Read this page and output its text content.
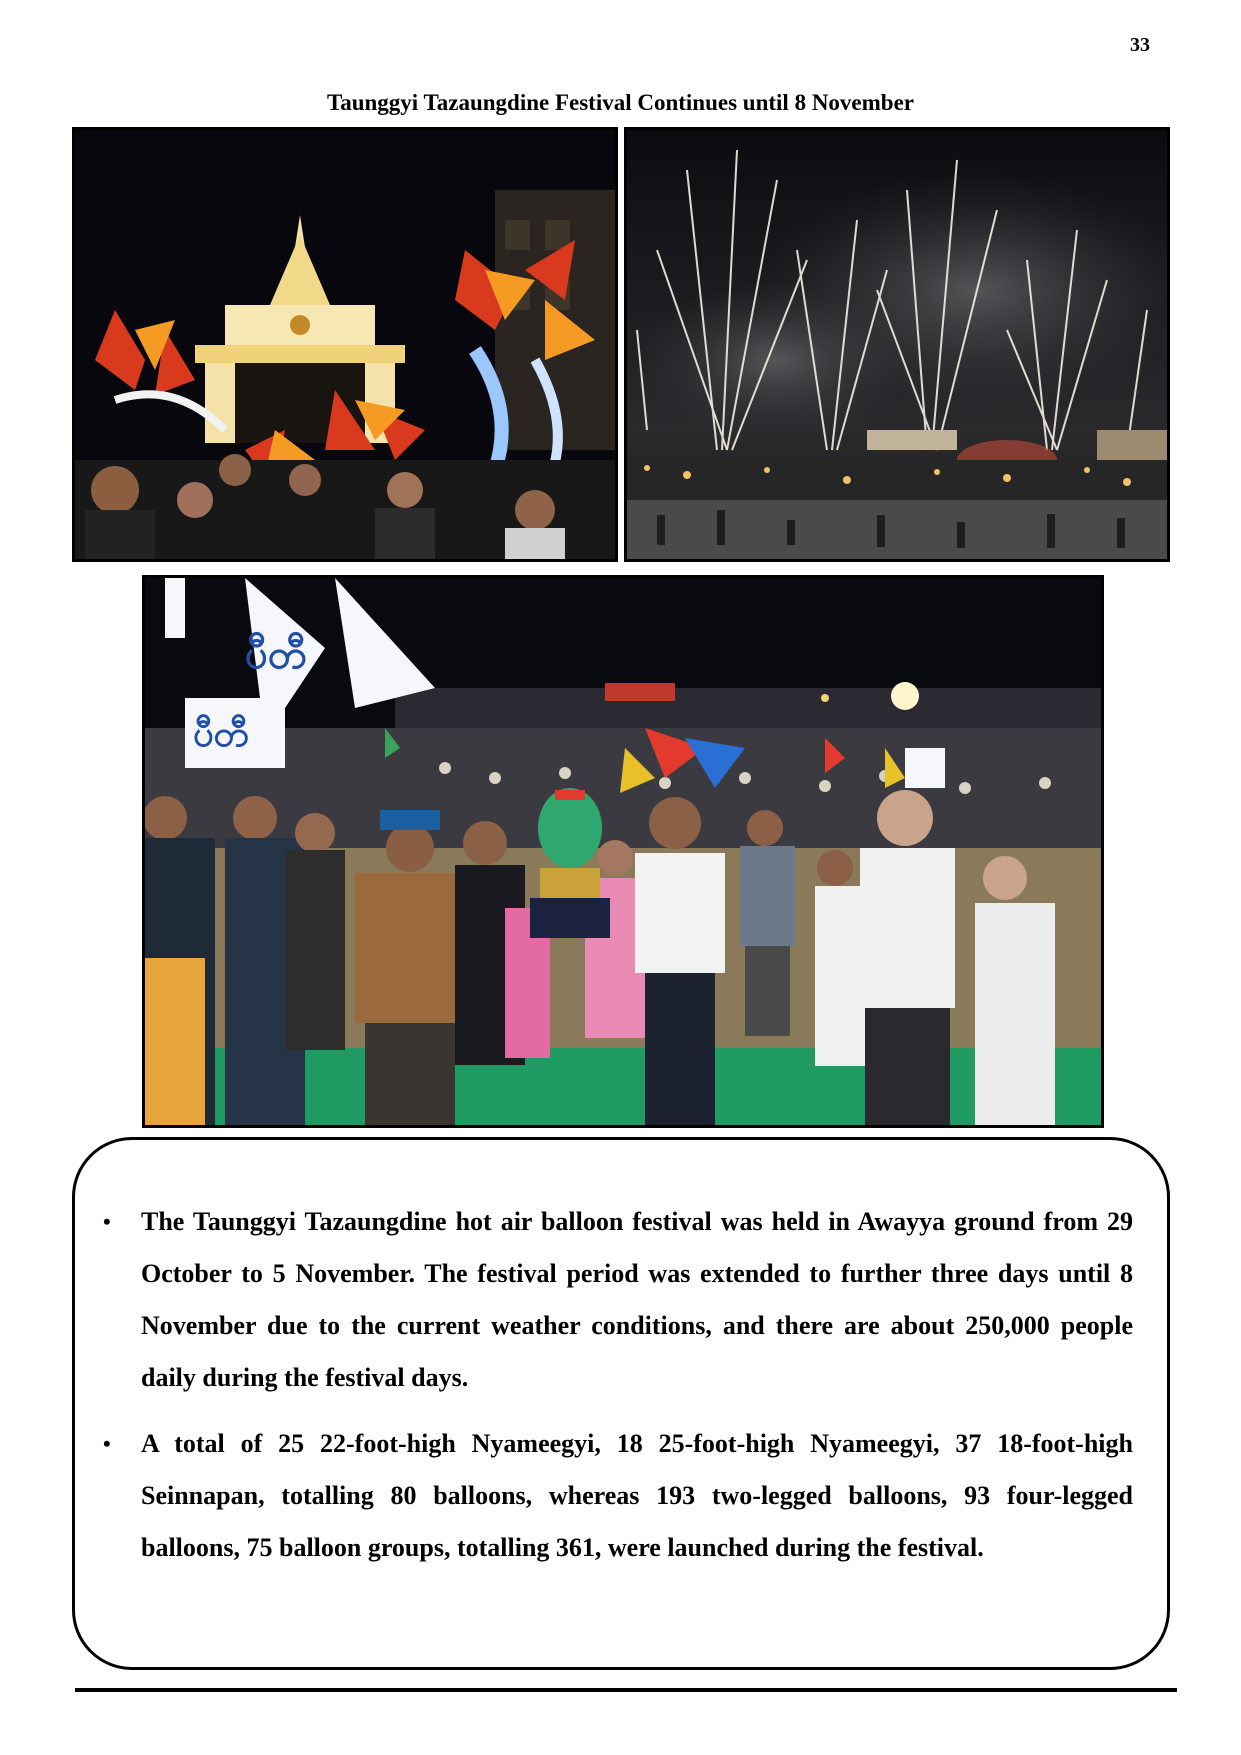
33
Taunggyi Tazaungdine Festival Continues until 8 November
ပီတီ
ပီတီ
• The Taunggyi Tazaungdine hot air balloon festival was held in Awayya ground from 29 October to 5 November. The festival period was extended to further three days until 8 November due to the current weather conditions, and there are about 250,000 people daily during the festival days.
• A total of 25 22-foot-high Nyameegyi, 18 25-foot-high Nyameegyi, 37 18-foot-high Seinnapan, totalling 80 balloons, whereas 193 two-legged balloons, 93 four-legged balloons, 75 balloon groups, totalling 361, were launched during the festival.
